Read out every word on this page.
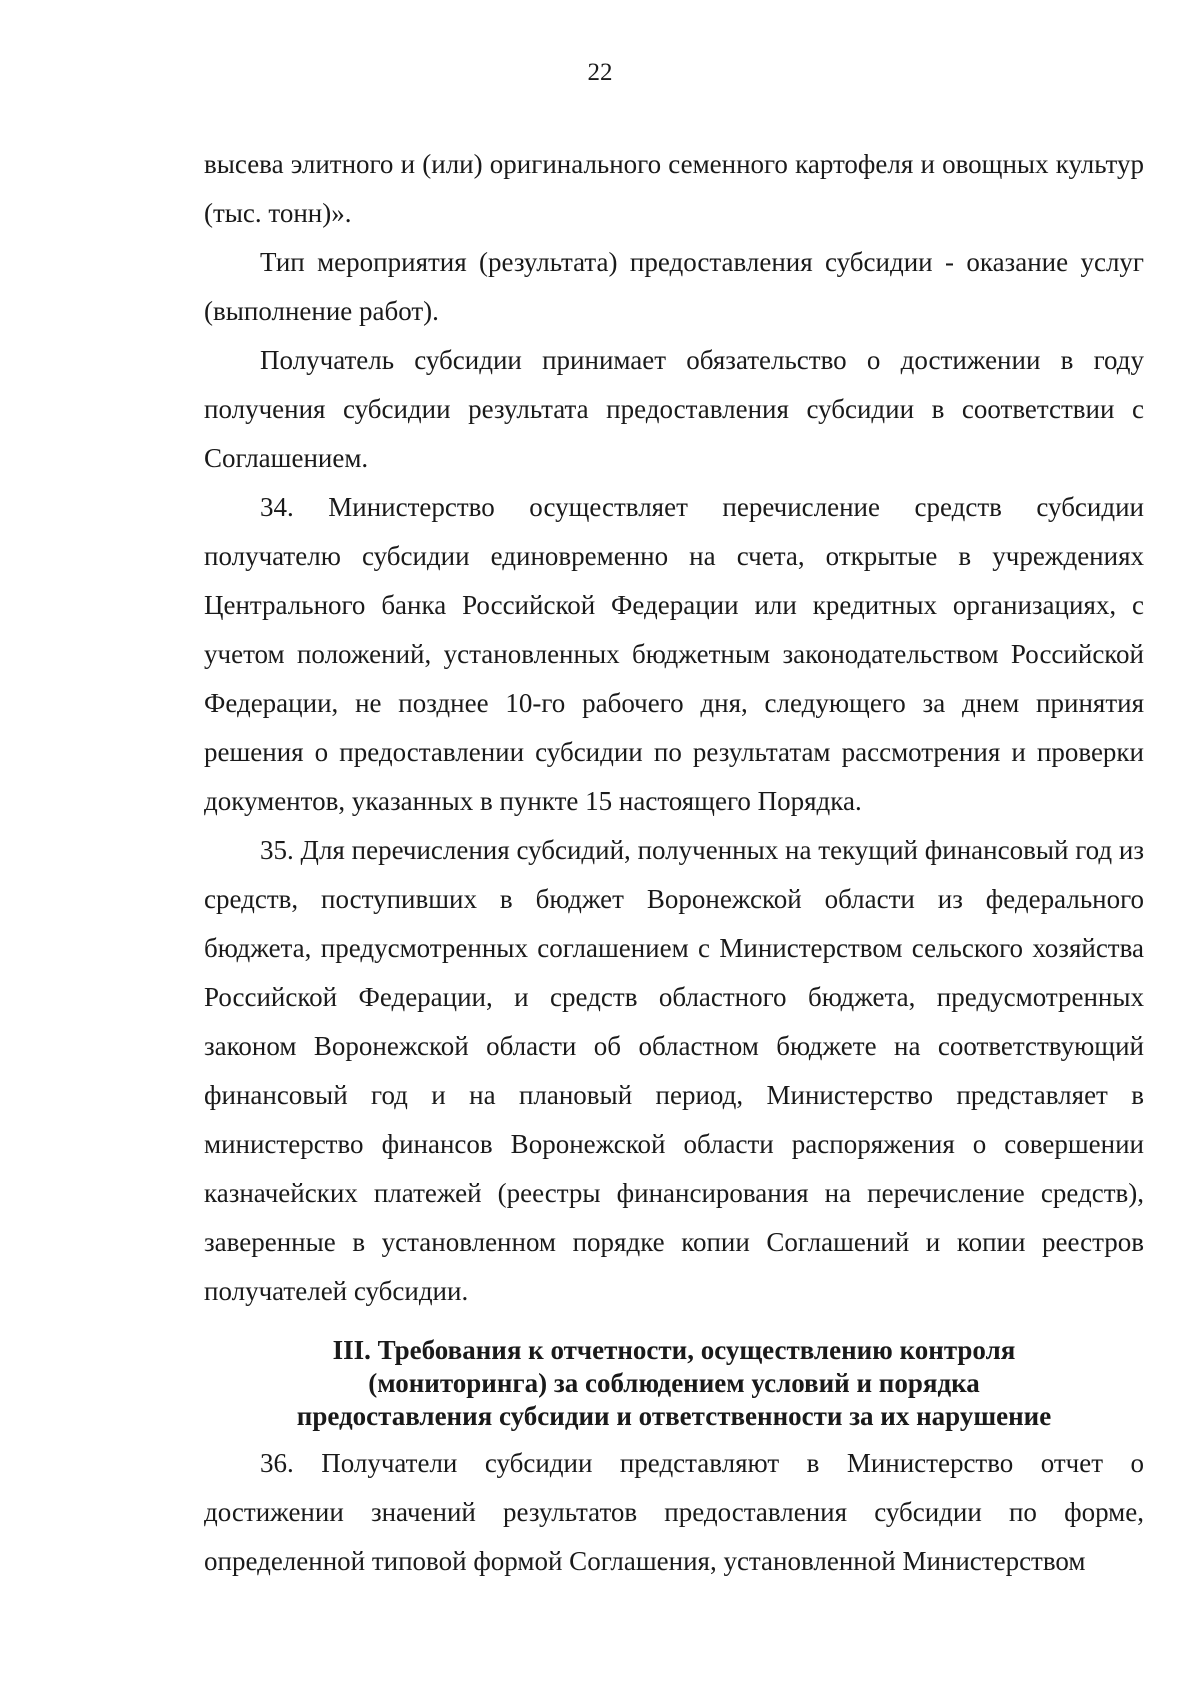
22

высева элитного и (или) оригинального семенного картофеля и овощных культур (тыс. тонн)».

Тип мероприятия (результата) предоставления субсидии - оказание услуг (выполнение работ).

Получатель субсидии принимает обязательство о достижении в году получения субсидии результата предоставления субсидии в соответствии с Соглашением.

34. Министерство осуществляет перечисление средств субсидии получателю субсидии единовременно на счета, открытые в учреждениях Центрального банка Российской Федерации или кредитных организациях, с учетом положений, установленных бюджетным законодательством Российской Федерации, не позднее 10-го рабочего дня, следующего за днем принятия решения о предоставлении субсидии по результатам рассмотрения и проверки документов, указанных в пункте 15 настоящего Порядка.

35. Для перечисления субсидий, полученных на текущий финансовый год из средств, поступивших в бюджет Воронежской области из федерального бюджета, предусмотренных соглашением с Министерством сельского хозяйства Российской Федерации, и средств областного бюджета, предусмотренных законом Воронежской области об областном бюджете на соответствующий финансовый год и на плановый период, Министерство представляет в министерство финансов Воронежской области распоряжения о совершении казначейских платежей (реестры финансирования на перечисление средств), заверенные в установленном порядке копии Соглашений и копии реестров получателей субсидии.

III. Требования к отчетности, осуществлению контроля
(мониторинга) за соблюдением условий и порядка
предоставления субсидии и ответственности за их нарушение

36. Получатели субсидии представляют в Министерство отчет о достижении значений результатов предоставления субсидии по форме, определенной типовой формой Соглашения, установленной Министерством
